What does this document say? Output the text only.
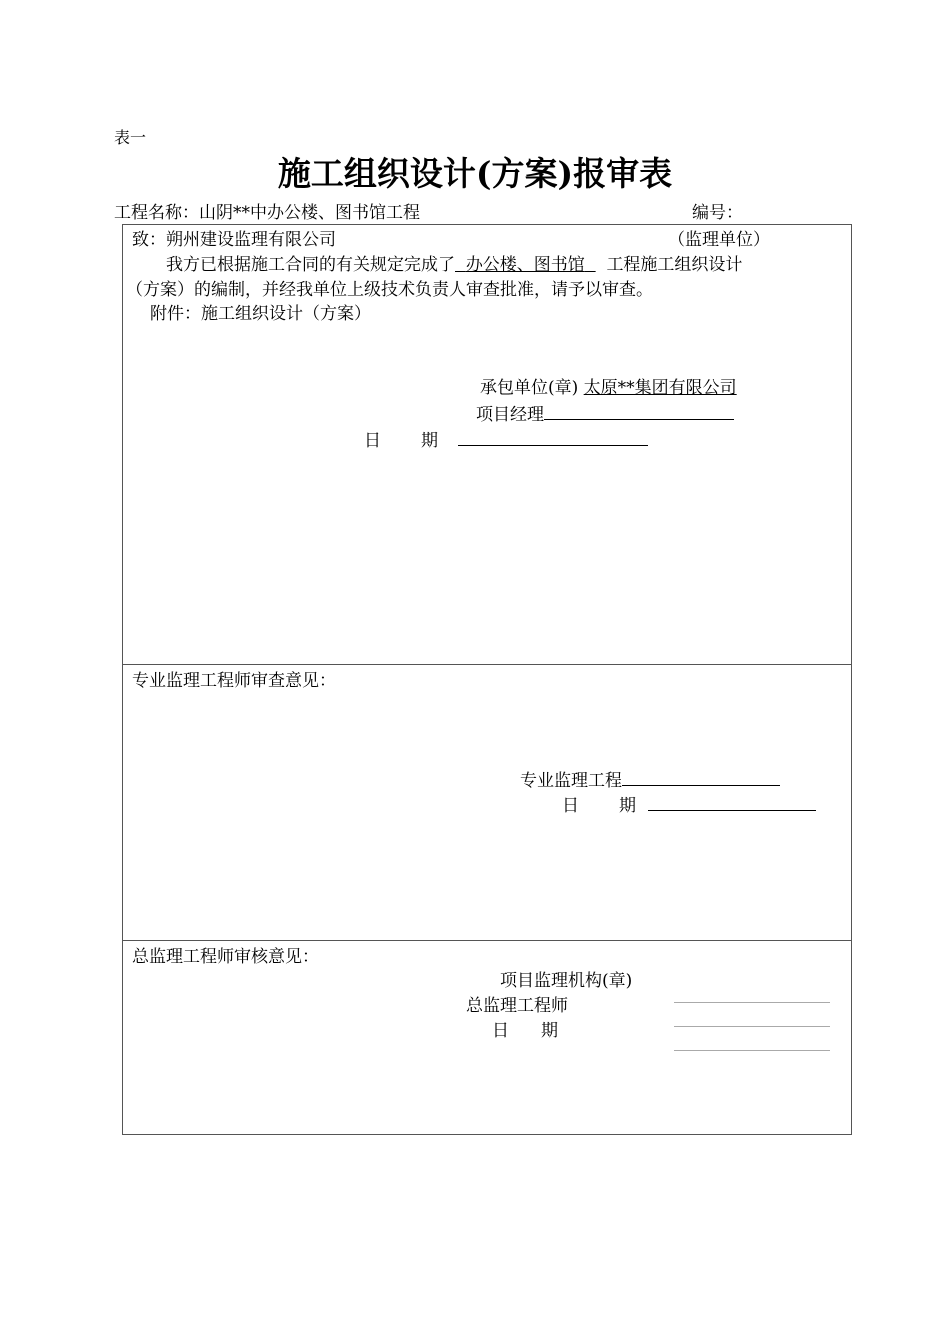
表一
施工组织设计(方案)报审表
工程名称：山阴**中办公楼、图书馆工程	编号：
致：朔州建设监理有限公司	（监理单位）
我方已根据施工合同的有关规定完成了 办公楼、图书馆 工程施工组织设计
（方案）的编制，并经我单位上级技术负责人审查批准，请予以审查。
附件：施工组织设计（方案）
承包单位(章) 太原**集团有限公司
项目经理
日 期
专业监理工程师审查意见：
专业监理工程
日 期
总监理工程师审核意见：
项目监理机构(章)
总监理工程师
日 期
